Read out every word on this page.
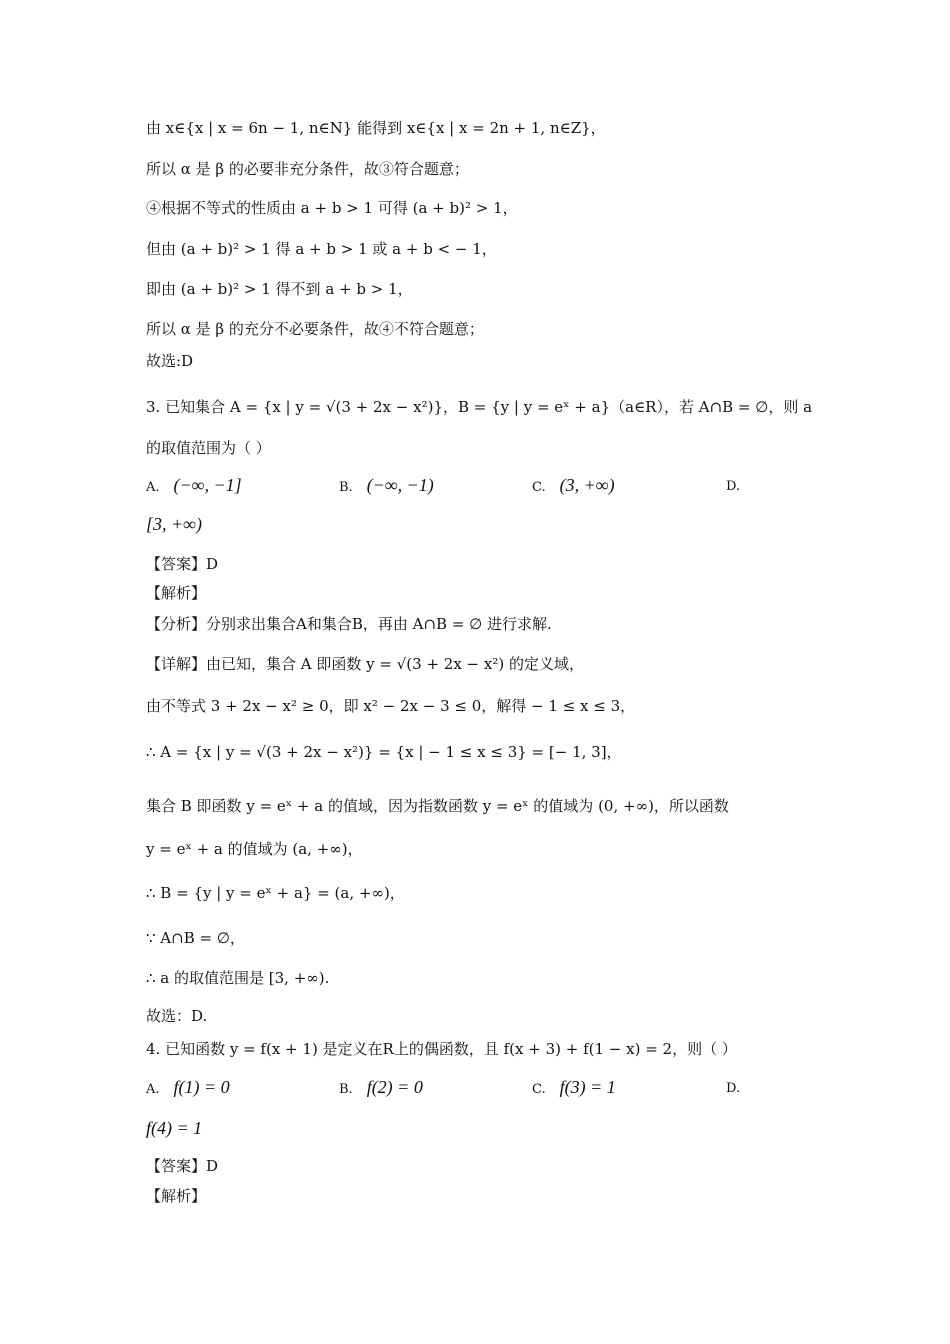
由 x∈{x | x = 6n − 1, n∈N} 能得到 x∈{x | x = 2n + 1, n∈Z}，
所以 α 是 β 的必要非充分条件，故③符合题意；
④根据不等式的性质由 a + b > 1 可得 (a + b)² > 1，
但由 (a + b)² > 1 得 a + b > 1 或 a + b < − 1，
即由 (a + b)² > 1 得不到 a + b > 1，
所以 α 是 β 的充分不必要条件，故④不符合题意；
故选:D
3. 已知集合 A = {x | y = √(3 + 2x − x²)}，B = {y | y = eˣ + a}（a∈R），若 A∩B = ∅，则 a
的取值范围为（ ）
A. (−∞, −1]	B. (−∞, −1)	C. (3, +∞)	D.
[3, +∞)
【答案】D
【解析】
【分析】分别求出集合A和集合B，再由 A∩B = ∅ 进行求解.
【详解】由已知，集合 A 即函数 y = √(3 + 2x − x²) 的定义域，
由不等式 3 + 2x − x² ≥ 0，即 x² − 2x − 3 ≤ 0，解得 − 1 ≤ x ≤ 3，
∴ A = {x | y = √(3 + 2x − x²)} = {x | − 1 ≤ x ≤ 3} = [− 1, 3]，
集合 B 即函数 y = eˣ + a 的值域，因为指数函数 y = eˣ 的值域为 (0, +∞)，所以函数
y = eˣ + a 的值域为 (a, +∞)，
∴ B = {y | y = eˣ + a} = (a, +∞)，
∵ A∩B = ∅，
∴ a 的取值范围是 [3, +∞).
故选：D.
4. 已知函数 y = f(x + 1) 是定义在R上的偶函数，且 f(x + 3) + f(1 − x) = 2，则（ ）
A. f(1) = 0	B. f(2) = 0	C. f(3) = 1	D.
f(4) = 1
【答案】D
【解析】
